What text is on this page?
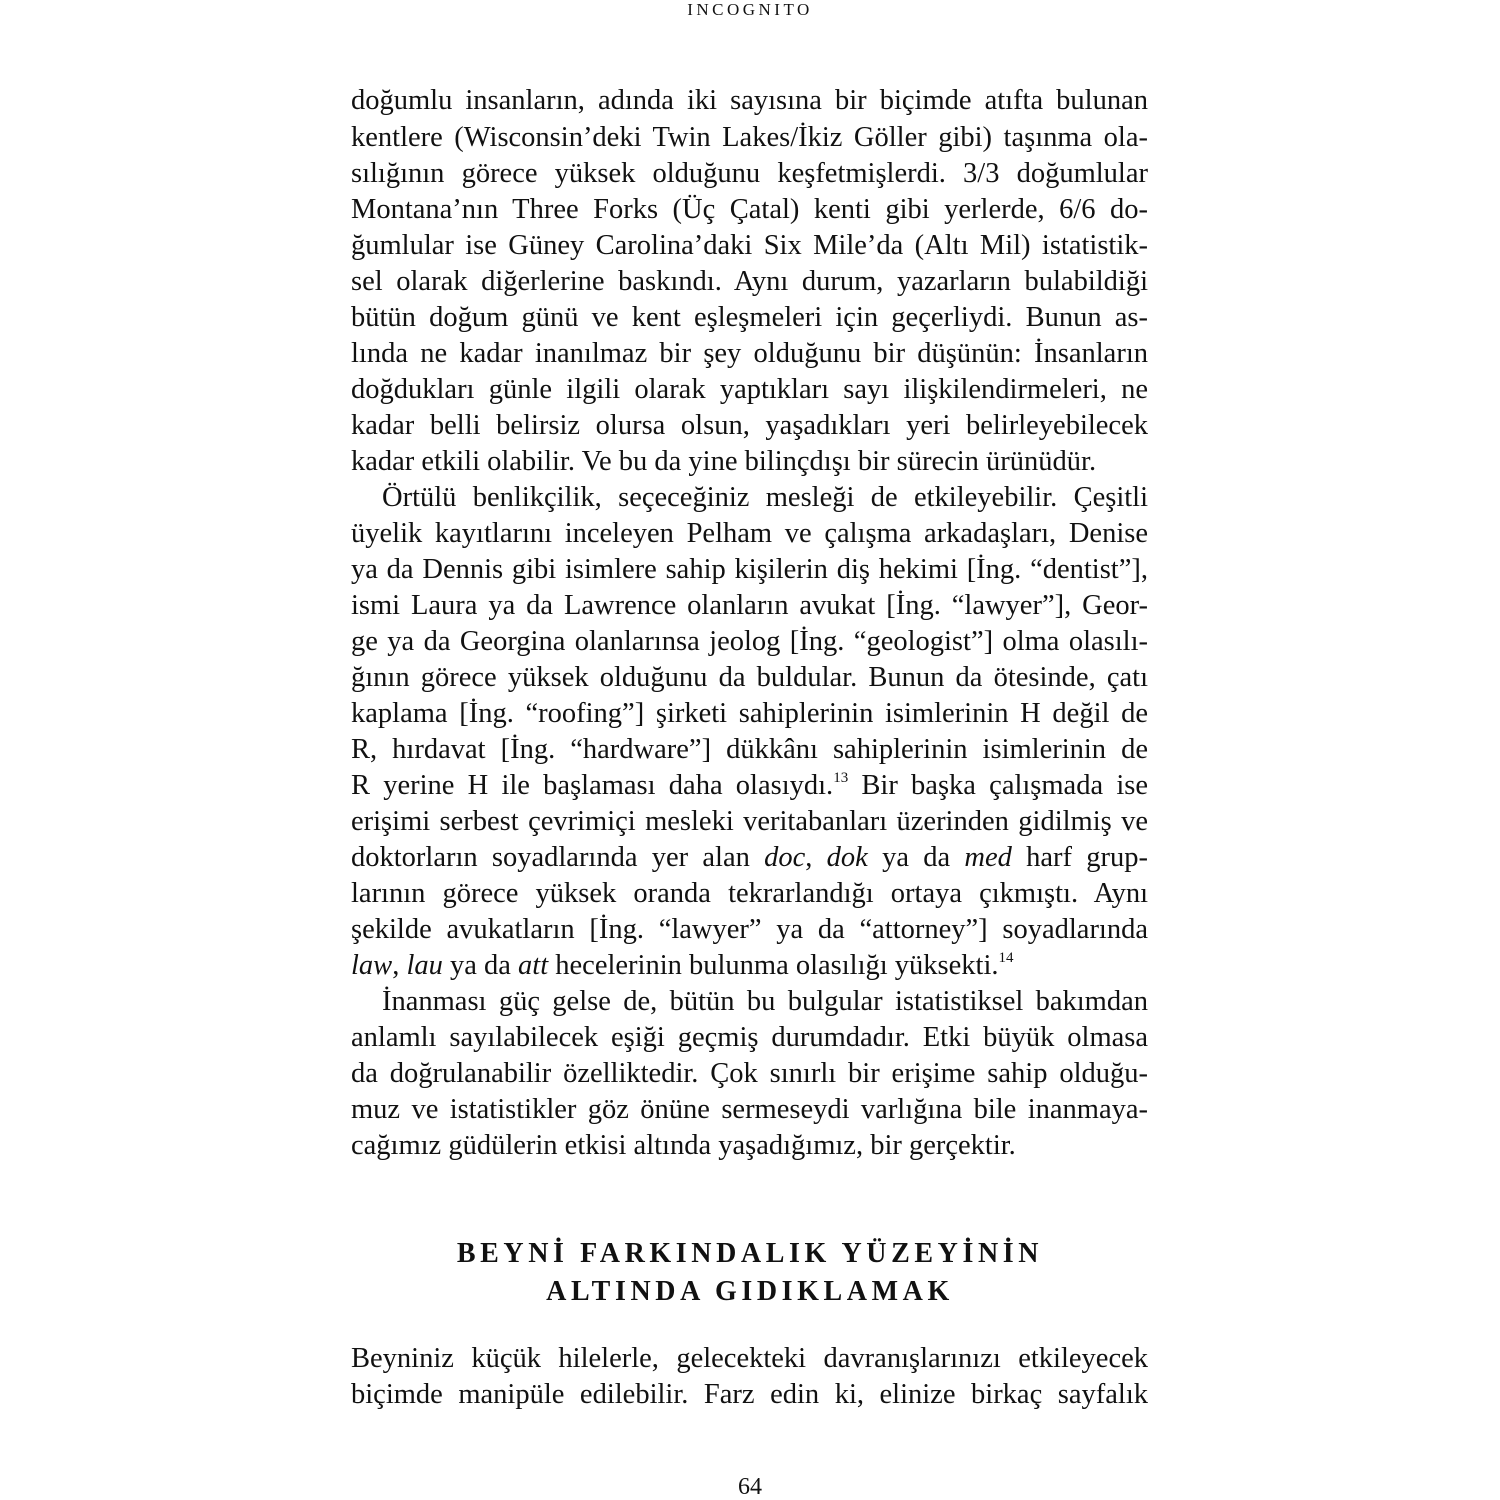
INCOGNITO
doğumlu insanların, adında iki sayısına bir biçimde atıfta bulunan
kentlere (Wisconsin’deki Twin Lakes/İkiz Göller gibi) taşınma ola-
sılığının görece yüksek olduğunu keşfetmişlerdi. 3/3 doğumlular
Montana’nın Three Forks (Üç Çatal) kenti gibi yerlerde, 6/6 do-
ğumlular ise Güney Carolina’daki Six Mile’da (Altı Mil) istatistik-
sel olarak diğerlerine baskındı. Aynı durum, yazarların bulabildiği
bütün doğum günü ve kent eşleşmeleri için geçerliydi. Bunun as-
lında ne kadar inanılmaz bir şey olduğunu bir düşünün: İnsanların
doğdukları günle ilgili olarak yaptıkları sayı ilişkilendirmeleri, ne
kadar belli belirsiz olursa olsun, yaşadıkları yeri belirleyebilecek
kadar etkili olabilir. Ve bu da yine bilinçdışı bir sürecin ürünüdür.
Örtülü benlikçilik, seçeceğiniz mesleği de etkileyebilir. Çeşitli
üyelik kayıtlarını inceleyen Pelham ve çalışma arkadaşları, Denise
ya da Dennis gibi isimlere sahip kişilerin diş hekimi [İng. “dentist”],
ismi Laura ya da Lawrence olanların avukat [İng. “lawyer”], Geor-
ge ya da Georgina olanlarınsa jeolog [İng. “geologist”] olma olasılı-
ğının görece yüksek olduğunu da buldular. Bunun da ötesinde, çatı
kaplama [İng. “roofing”] şirketi sahiplerinin isimlerinin H değil de
R, hırdavat [İng. “hardware”] dükkânı sahiplerinin isimlerinin de
R yerine H ile başlaması daha olasıydı.$^{13}$ Bir başka çalışmada ise
erişimi serbest çevrimiçi mesleki veritabanları üzerinden gidilmiş ve
doktorların soyadlarında yer alan doc, dok ya da med harf grup-
larının görece yüksek oranda tekrarlandığı ortaya çıkmıştı. Aynı
şekilde avukatların [İng. “lawyer” ya da “attorney”] soyadlarında
law, lau ya da att hecelerinin bulunma olasılığı yüksekti.$^{14}$
İnanması güç gelse de, bütün bu bulgular istatistiksel bakımdan
anlamlı sayılabilecek eşiği geçmiş durumdadır. Etki büyük olmasa
da doğrulanabilir özelliktedir. Çok sınırlı bir erişime sahip olduğu-
muz ve istatistikler göz önüne sermeseydi varlığına bile inanmaya-
cağımız güdülerin etkisi altında yaşadığımız, bir gerçektir.
Beyniniz küçük hilelerle, gelecekteki davranışlarınızı etkileyecek
biçimde manipüle edilebilir. Farz edin ki, elinize birkaç sayfalık
BEYNİ FARKINDALIK YÜZEYİNİN
ALTINDA GIDIKLAMAK
64
